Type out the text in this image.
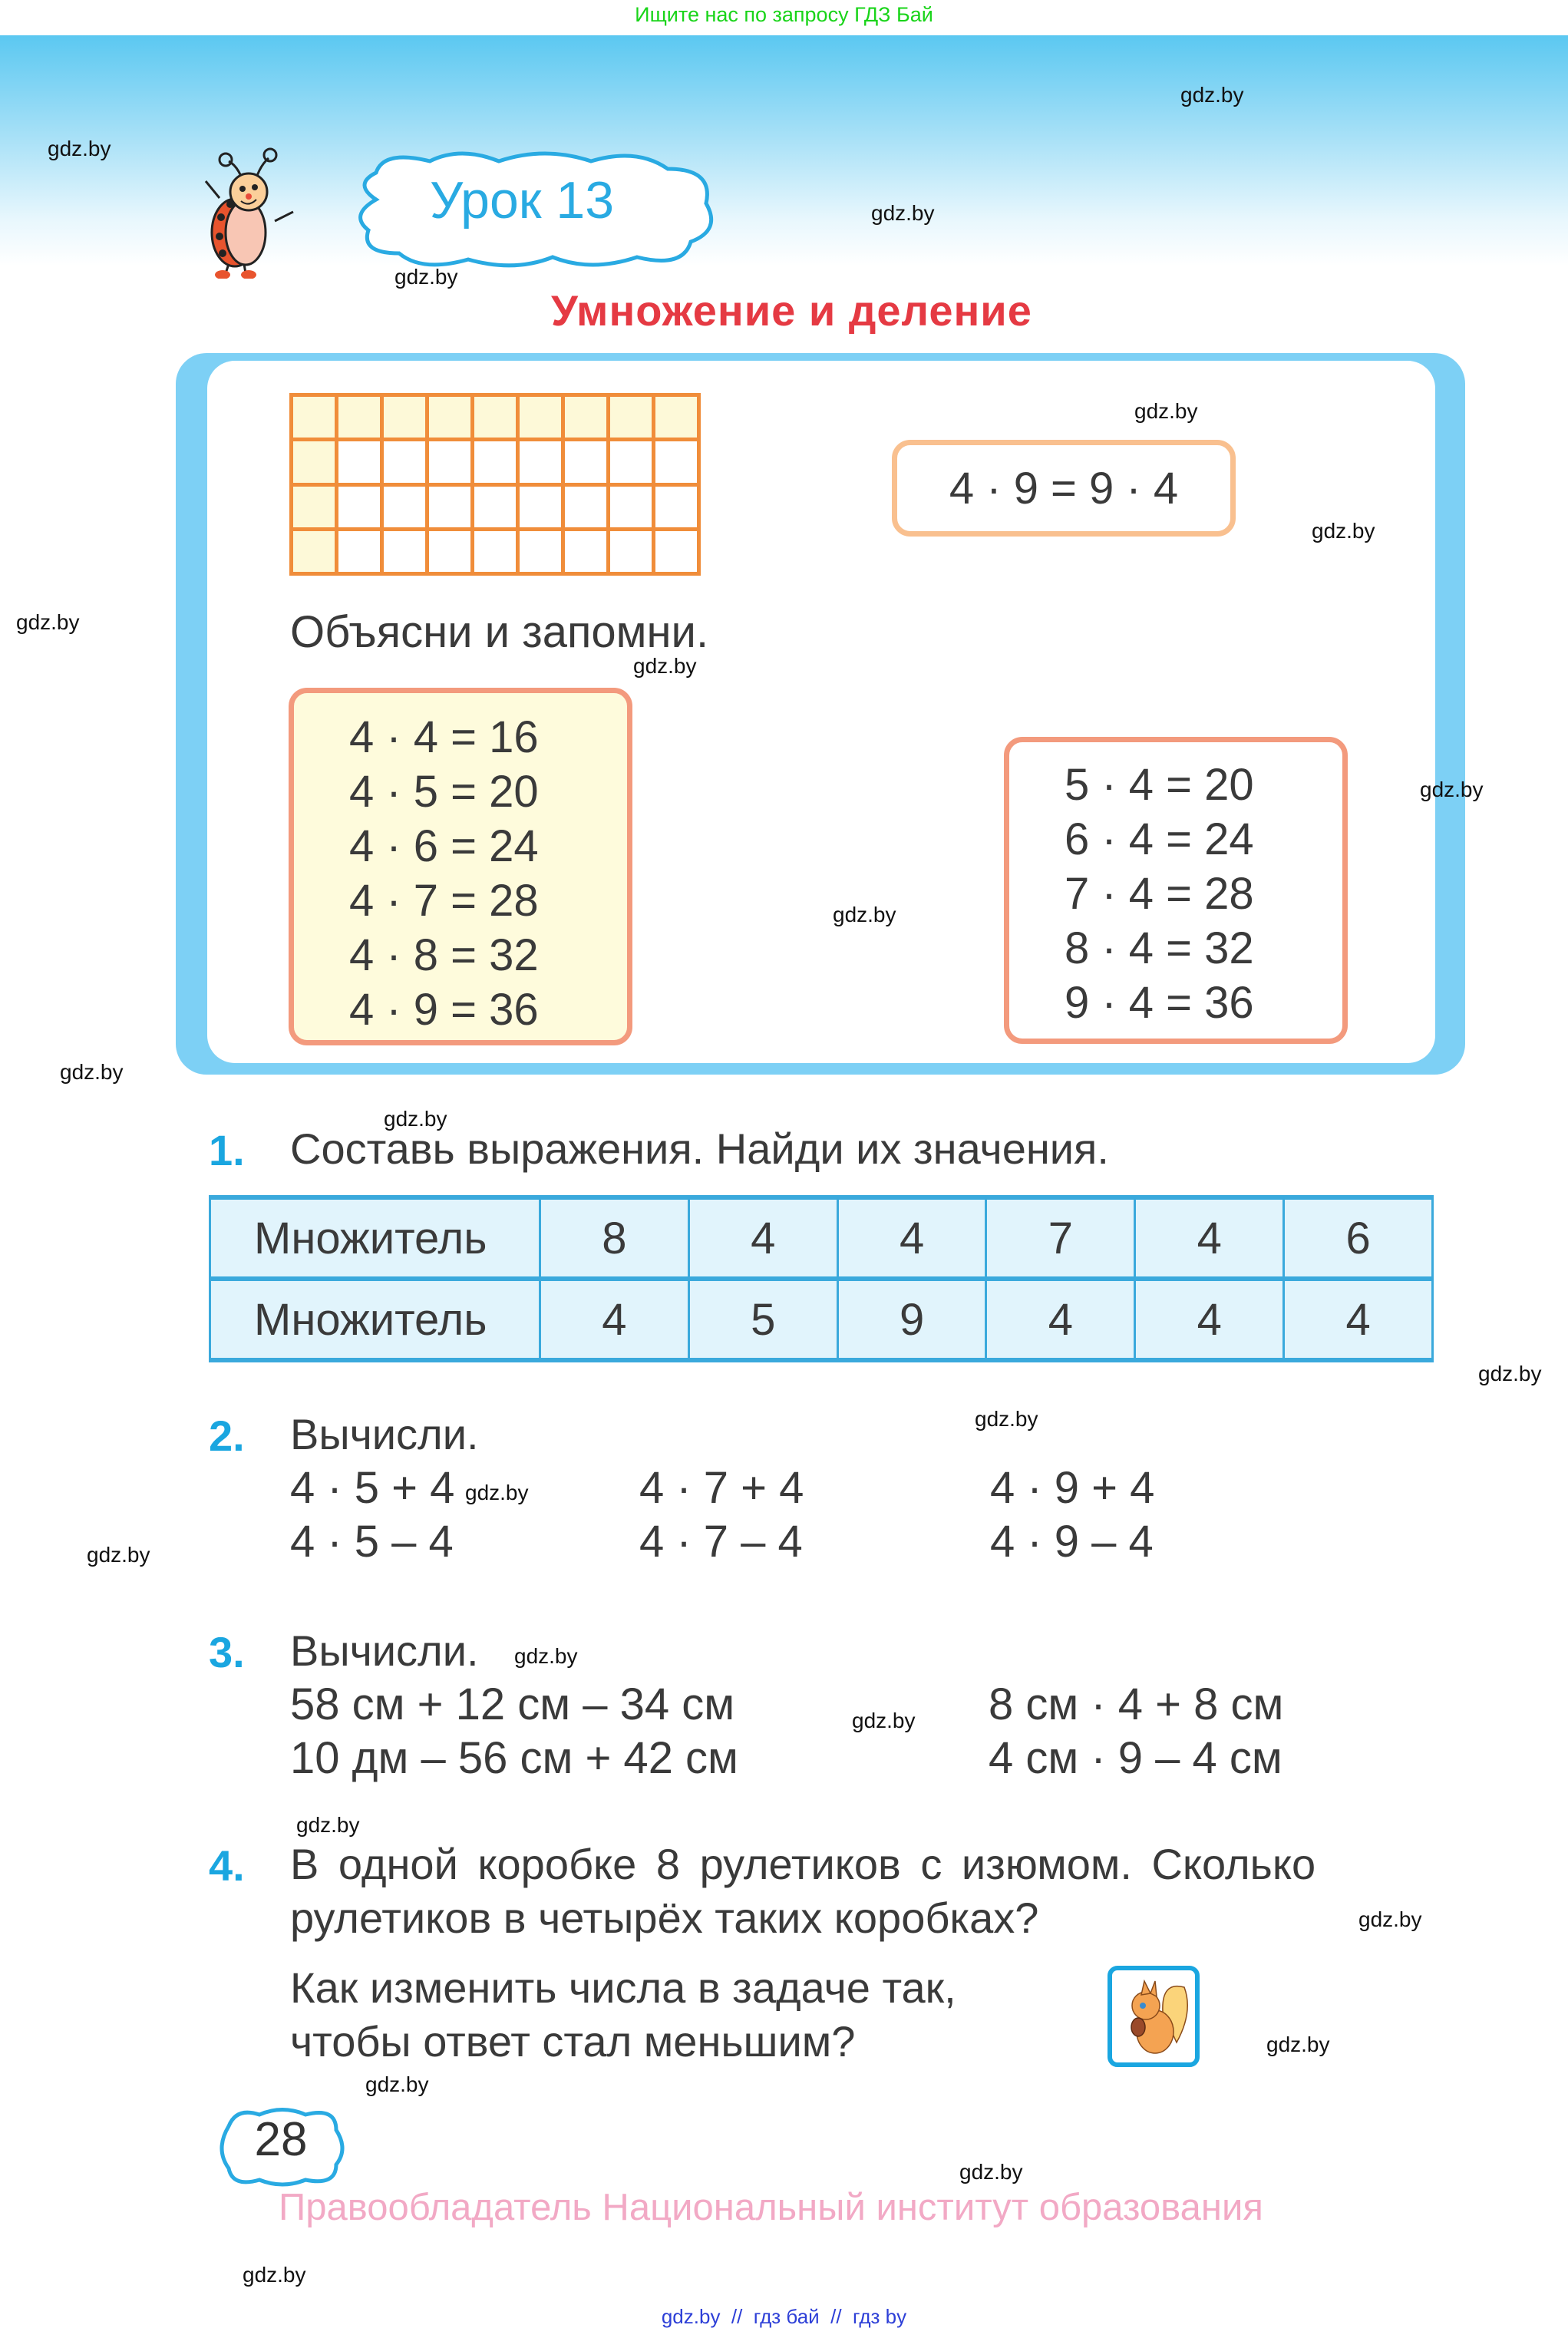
Ищите нас по запросу ГДЗ Бай
Урок 13
Умножение и деление

4 · 9 = 9 · 4
Объясни и запомни.
4 · 4 = 16
4 · 5 = 20
4 · 6 = 24
4 · 7 = 28
4 · 8 = 32
4 · 9 = 36
5 · 4 = 20
6 · 4 = 24
7 · 4 = 28
8 · 4 = 32
9 · 4 = 36
1. Составь выражения. Найди их значения.
Множитель	8	4	4	7	4	6
Множитель	4	5	9	4	4	4
2. Вычисли.
4 · 5 + 4	4 · 7 + 4	4 · 9 + 4
4 · 5 – 4	4 · 7 – 4	4 · 9 – 4
3. Вычисли.
58 см + 12 см – 34 см	8 см · 4 + 8 см
10 дм – 56 см + 42 см	4 см · 9 – 4 см
4. В одной коробке 8 рулетиков с изюмом. Сколько
рулетиков в четырёх таких коробках?
Как изменить числа в задаче так,
чтобы ответ стал меньшим?
28
Правообладатель Национальный институт образования
gdz.by
gdz.by
gdz.by
gdz.by
gdz.by
gdz.by
gdz.by
gdz.by
gdz.by
gdz.by
gdz.by
gdz.by
gdz.by
gdz.by
gdz.by
gdz.by
gdz.by
gdz.by
gdz.by
gdz.by
gdz.by
gdz.by
gdz.by
gdz.by
gdz.by  //  гдз бай  //  гдз by
